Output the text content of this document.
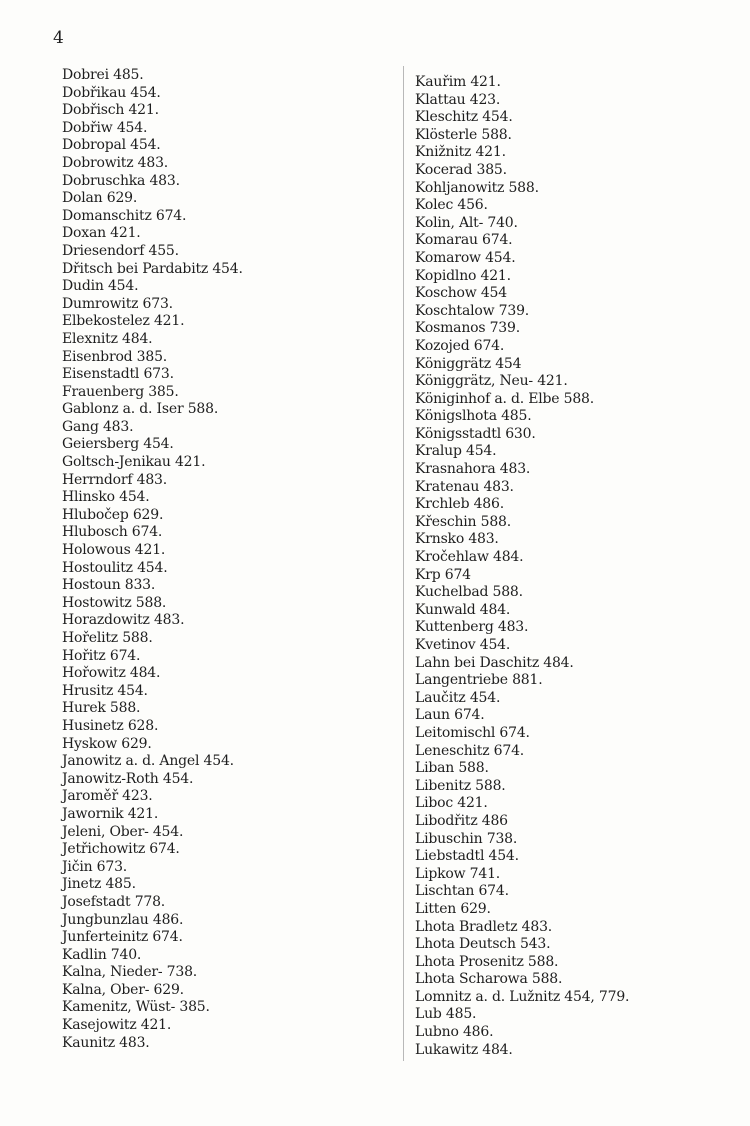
4
Dobrei 485.
Dobřikau 454.
Dobřisch 421.
Dobřiw 454.
Dobropal 454.
Dobrowitz 483.
Dobruschka 483.
Dolan 629.
Domanschitz 674.
Doxan 421.
Driesendorf 455.
Dřitsch bei Pardabitz 454.
Dudin 454.
Dumrowitz 673.
Elbekostelez 421.
Elexnitz 484.
Eisenbrod 385.
Eisenstadtl 673.
Frauenberg 385.
Gablonz a. d. Iser 588.
Gang 483.
Geiersberg 454.
Goltsch-Jenikau 421.
Herrndorf 483.
Hlinsko 454.
Hlubočep 629.
Hlubosch 674.
Holowous 421.
Hostoulitz 454.
Hostoun 833.
Hostowitz 588.
Horazdowitz 483.
Hořelitz 588.
Hořitz 674.
Hořowitz 484.
Hrusitz 454.
Hurek 588.
Husinetz 628.
Hyskow 629.
Janowitz a. d. Angel 454.
Janowitz-Roth 454.
Jaroměř 423.
Jawornik 421.
Jeleni, Ober- 454.
Jetřichowitz 674.
Jičin 673.
Jinetz 485.
Josefstadt 778.
Jungbunzlau 486.
Junferteinitz 674.
Kadlin 740.
Kalna, Nieder- 738.
Kalna, Ober- 629.
Kamenitz, Wüst- 385.
Kasejowitz 421.
Kaunitz 483.
Kauřim 421.
Klattau 423.
Kleschitz 454.
Klösterle 588.
Knižnitz 421.
Kocerad 385.
Kohljanowitz 588.
Kolec 456.
Kolin, Alt- 740.
Komarau 674.
Komarow 454.
Kopidlno 421.
Koschow 454
Koschtalow 739.
Kosmanos 739.
Kozojed 674.
Königgrätz 454
Königgrätz, Neu- 421.
Königinhof a. d. Elbe 588.
Königslhota 485.
Königsstadtl 630.
Kralup 454.
Krasnahora 483.
Kratenau 483.
Krchleb 486.
Křeschin 588.
Krnsko 483.
Kročehlaw 484.
Krp 674
Kuchelbad 588.
Kunwald 484.
Kuttenberg 483.
Kvetinov 454.
Lahn bei Daschitz 484.
Langentriebe 881.
Laučitz 454.
Laun 674.
Leitomischl 674.
Leneschitz 674.
Liban 588.
Libenitz 588.
Liboc 421.
Libodřitz 486
Libuschin 738.
Liebstadtl 454.
Lipkow 741.
Lischtan 674.
Litten 629.
Lhota Bradletz 483.
Lhota Deutsch 543.
Lhota Prosenitz 588.
Lhota Scharowa 588.
Lomnitz a. d. Lužnitz 454, 779.
Lub 485.
Lubno 486.
Lukawitz 484.
